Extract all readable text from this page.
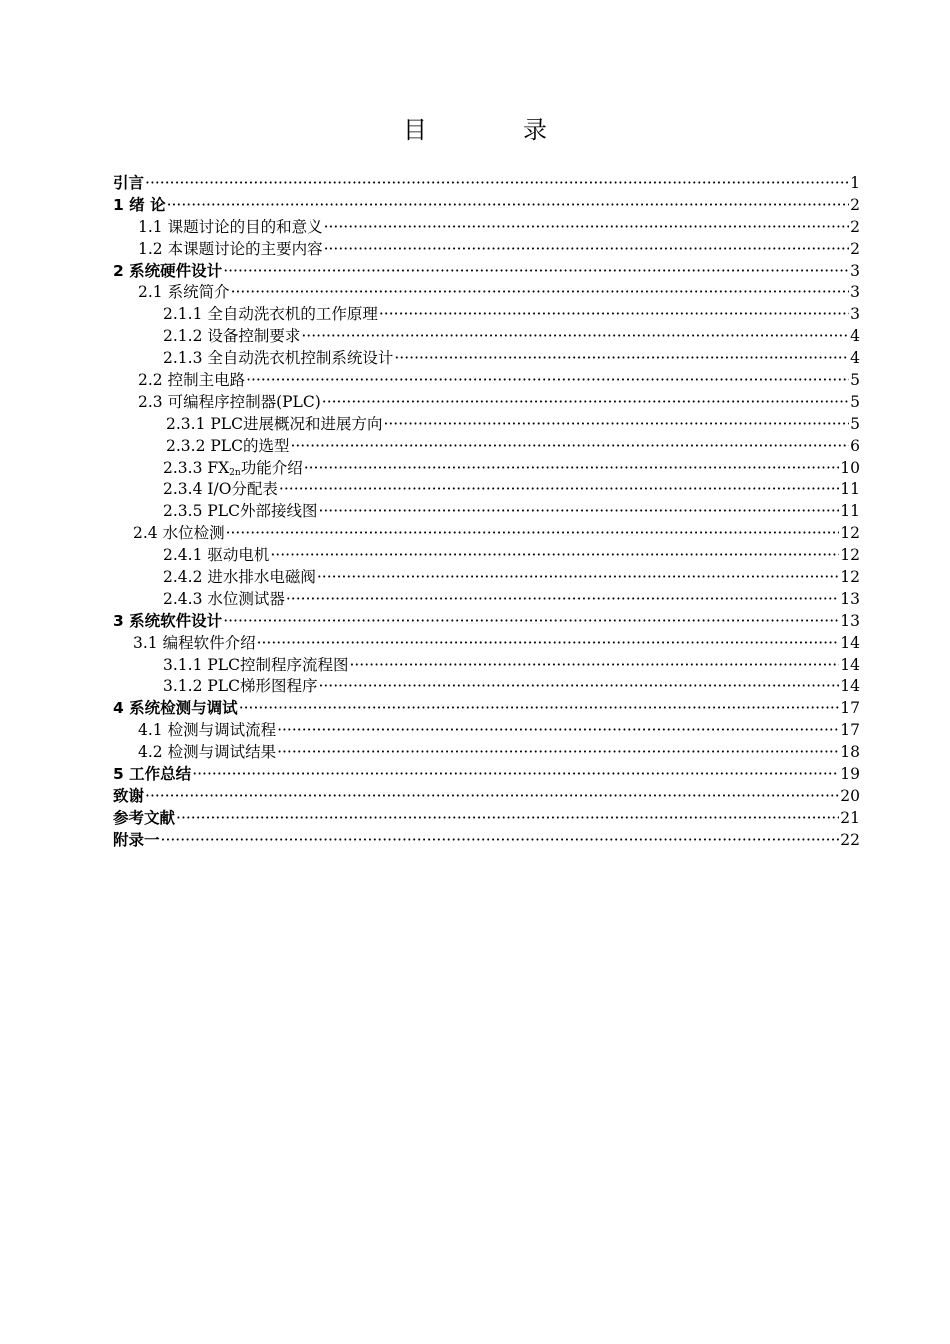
目录
引言 ·····	1
1 绪 论 ·····	2
1.1 课题讨论的目的和意义 ·····	2
1.2 本课题讨论的主要内容 ·····	2
2 系统硬件设计 ·····	3
2.1 系统简介 ·····	3
2.1.1 全自动洗衣机的工作原理 ·····	3
2.1.2 设备控制要求 ·····	4
2.1.3 全自动洗衣机控制系统设计 ·····	4
2.2 控制主电路 ·····	5
2.3 可编程序控制器(PLC) ·····	5
2.3.1 PLC进展概况和进展方向 ·····	5
2.3.2 PLC的选型 ·····	6
2.3.3 $FX_{2n}$功能介绍 ·····	10
2.3.4 I/O分配表 ·····	11
2.3.5 PLC外部接线图 ·····	11
2.4 水位检测 ·····	12
2.4.1 驱动电机 ·····	12
2.4.2 进水排水电磁阀 ·····	12
2.4.3 水位测试器 ·····	13
3 系统软件设计 ·····	13
3.1 编程软件介绍 ·····	14
3.1.1 PLC控制程序流程图 ·····	14
3.1.2 PLC梯形图程序 ·····	14
4 系统检测与调试 ·····	17
4.1 检测与调试流程 ·····	17
4.2 检测与调试结果 ·····	18
5 工作总结 ·····	19
致谢 ·····	20
参考文献 ·····	21
附录一 ·····	22
